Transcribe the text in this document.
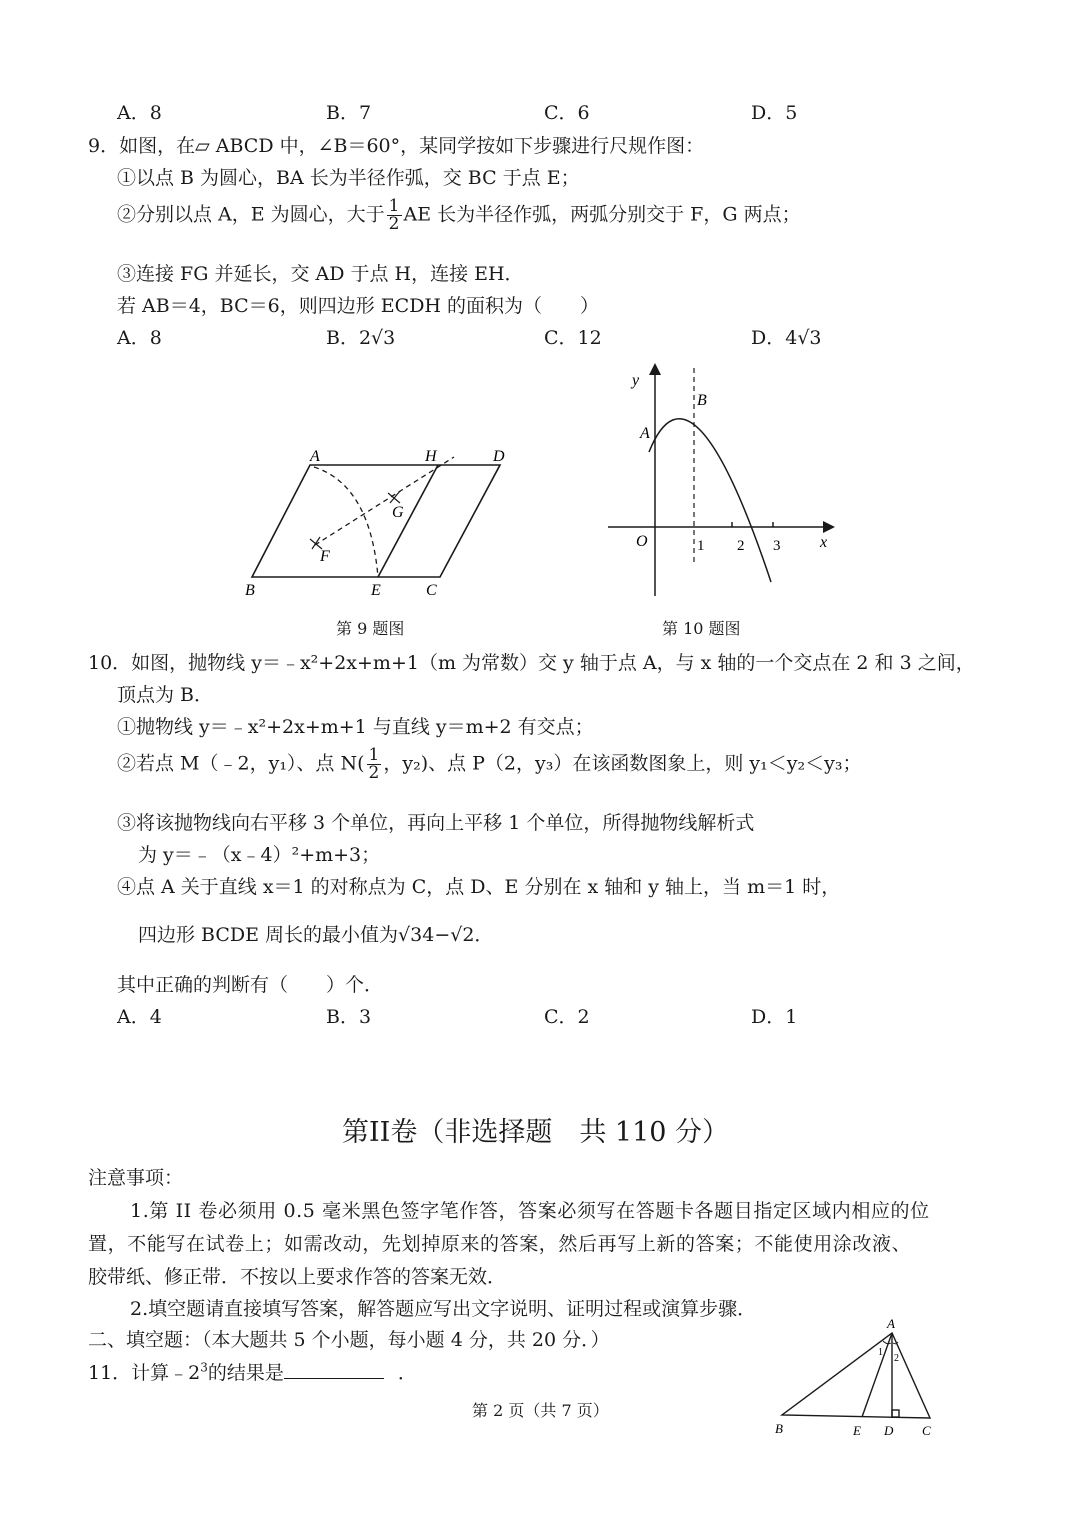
A．8	B．7	C．6	D．5
9．如图，在▱ ABCD 中，∠B＝60°，某同学按如下步骤进行尺规作图：
①以点 B 为圆心，BA 长为半径作弧，交 BC 于点 E；
②分别以点 A，E 为圆心，大于 $\frac{1}{2}$ AE 长为半径作弧，两弧分别交于 F，G 两点；
③连接 FG 并延长，交 AD 于点 H，连接 EH．
若 AB＝4，BC＝6，则四边形 ECDH 的面积为（　　）
A．8	B．2√3	C．12	D．4√3
A	H	D
G
F
B	E	C
第 9 题图
y
x
O
A
B
1 2 3
第 10 题图
10．如图，抛物线 y＝﹣x²+2x+m+1（m 为常数）交 y 轴于点 A，与 x 轴的一个交点在 2 和 3 之间，
顶点为 B．
①抛物线 y＝﹣x²+2x+m+1 与直线 y＝m+2 有交点；
②若点 M（﹣2，y₁）、点 $N( \frac{1}{2}$ ，y₂)、点 P（2，y₃）在该函数图象上，则 y₁＜y₂＜y₃；
③将该抛物线向右平移 3 个单位，再向上平移 1 个单位，所得抛物线解析式
为 y＝﹣（x﹣4）²+m+3；
④点 A 关于直线 x＝1 的对称点为 C，点 D、E 分别在 x 轴和 y 轴上，当 m＝1 时，
四边形 BCDE 周长的最小值为√34−√2．
其中正确的判断有（　　）个．
A．4	B．3	C．2	D．1
第II卷（非选择题　共 110 分）
注意事项：
1.第 II 卷必须用 0.5 毫米黑色签字笔作答，答案必须写在答题卡各题目指定区域内相应的位
置，不能写在试卷上；如需改动，先划掉原来的答案，然后再写上新的答案；不能使用涂改液、
胶带纸、修正带．不按以上要求作答的答案无效．
2.填空题请直接填写答案，解答题应写出文字说明、证明过程或演算步骤．
二、填空题：（本大题共 5 个小题，每小题 4 分，共 20 分．）
11．计算$﹣2^3$的结果是	．
A
B	E D C
1
2
第 2 页（共 7 页）
